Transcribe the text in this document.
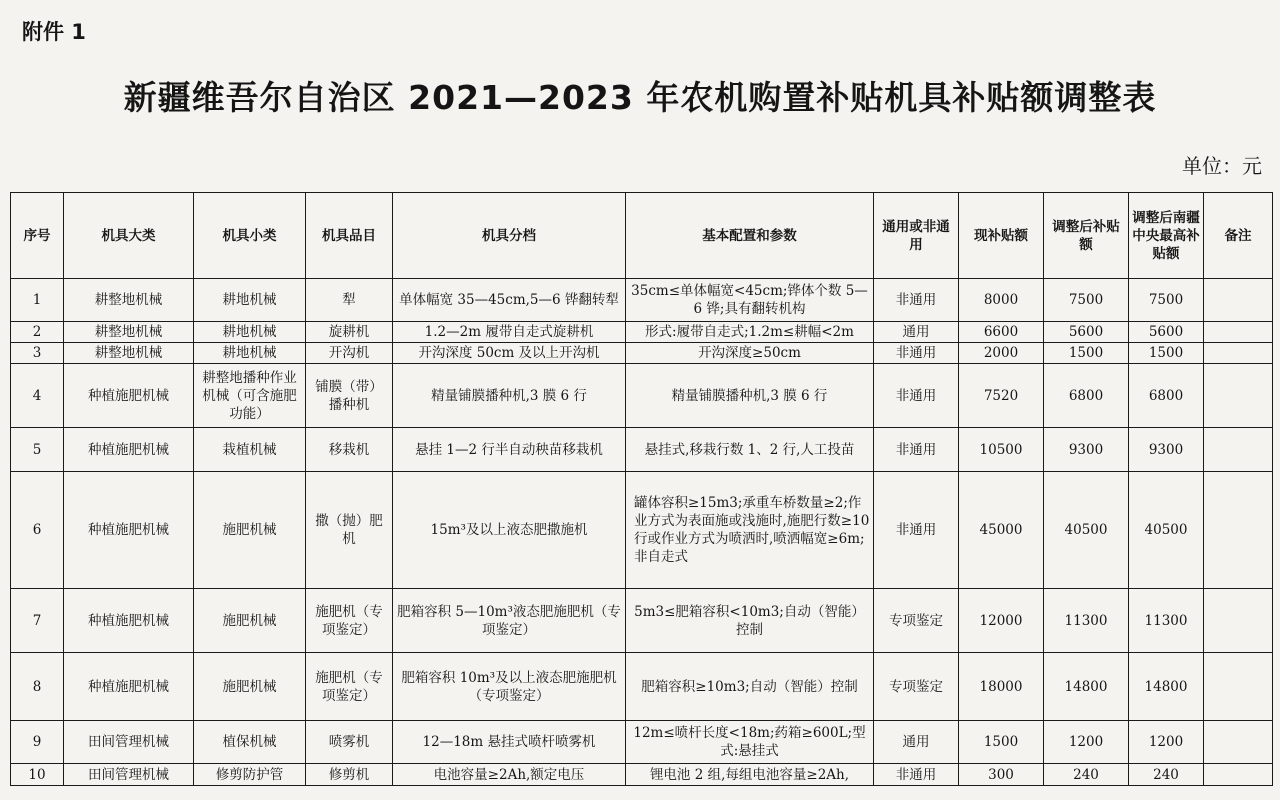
附件 1
新疆维吾尔自治区 2021—2023 年农机购置补贴机具补贴额调整表
单位：元
序号	机具大类	机具小类	机具品目	机具分档	基本配置和参数	通用或非通用	现补贴额	调整后补贴额	调整后南疆中央最高补贴额	备注
1	耕整地机械	耕地机械	犁	单体幅宽 35—45cm,5—6 铧翻转犁	35cm≤单体幅宽<45cm;铧体个数 5—6 铧;具有翻转机构	非通用	8000	7500	7500	
2	耕整地机械	耕地机械	旋耕机	1.2—2m 履带自走式旋耕机	形式:履带自走式;1.2m≤耕幅<2m	通用	6600	5600	5600	
3	耕整地机械	耕地机械	开沟机	开沟深度 50cm 及以上开沟机	开沟深度≥50cm	非通用	2000	1500	1500	
4	种植施肥机械	耕整地播种作业机械（可含施肥功能）	铺膜（带）播种机	精量铺膜播种机,3 膜 6 行	精量铺膜播种机,3 膜 6 行	非通用	7520	6800	6800	
5	种植施肥机械	栽植机械	移栽机	悬挂 1—2 行半自动秧苗移栽机	悬挂式,移栽行数 1、2 行,人工投苗	非通用	10500	9300	9300	
6	种植施肥机械	施肥机械	撒（抛）肥机	15m³及以上液态肥撒施机	罐体容积≥15m3;承重车桥数量≥2;作业方式为表面施或浅施时,施肥行数≥10 行或作业方式为喷洒时,喷洒幅宽≥6m;非自走式	非通用	45000	40500	40500	
7	种植施肥机械	施肥机械	施肥机（专项鉴定）	肥箱容积 5—10m³液态肥施肥机（专项鉴定）	5m3≤肥箱容积<10m3;自动（智能）控制	专项鉴定	12000	11300	11300	
8	种植施肥机械	施肥机械	施肥机（专项鉴定）	肥箱容积 10m³及以上液态肥施肥机（专项鉴定）	肥箱容积≥10m3;自动（智能）控制	专项鉴定	18000	14800	14800	
9	田间管理机械	植保机械	喷雾机	12—18m 悬挂式喷杆喷雾机	12m≤喷杆长度<18m;药箱≥600L;型式:悬挂式	通用	1500	1200	1200	
10	田间管理机械	修剪防护管	修剪机	电池容量≥2Ah,额定电压	锂电池 2 组,每组电池容量≥2Ah,	非通用	300	240	240	
